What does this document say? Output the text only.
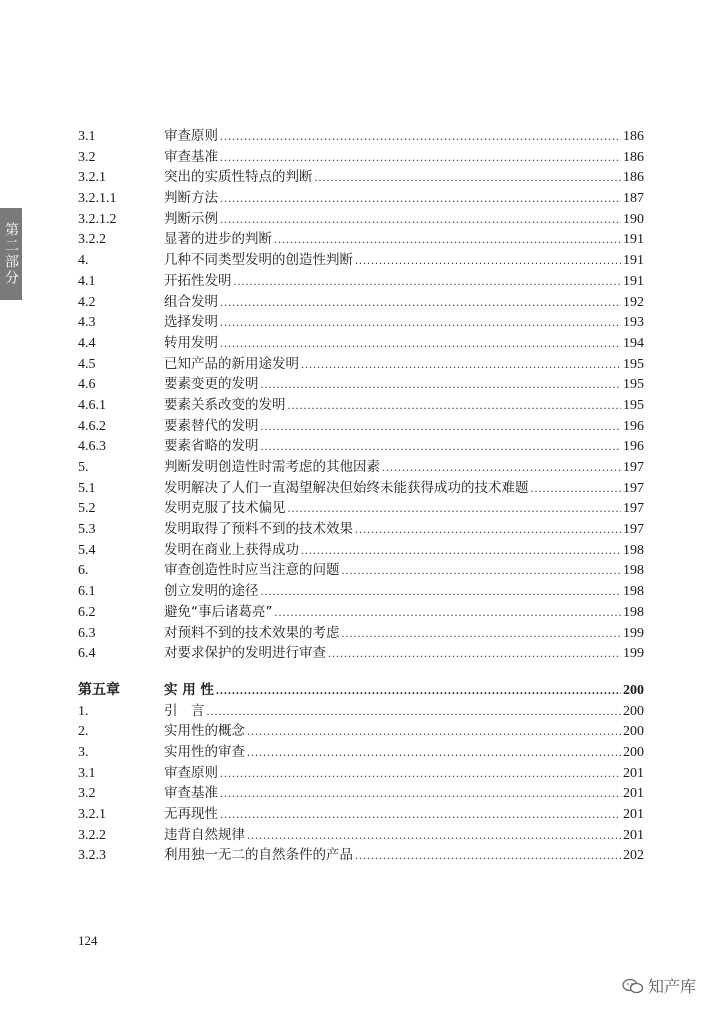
第二部分
3.1	审查原则 .....	186
3.2	审查基准 .....	186
3.2.1	突出的实质性特点的判断 .....	186
3.2.1.1	判断方法 .....	187
3.2.1.2	判断示例 .....	190
3.2.2	显著的进步的判断 .....	191
4.	几种不同类型发明的创造性判断 .....	191
4.1	开拓性发明 .....	191
4.2	组合发明 .....	192
4.3	选择发明 .....	193
4.4	转用发明 .....	194
4.5	已知产品的新用途发明 .....	195
4.6	要素变更的发明 .....	195
4.6.1	要素关系改变的发明 .....	195
4.6.2	要素替代的发明 .....	196
4.6.3	要素省略的发明 .....	196
5.	判断发明创造性时需考虑的其他因素 .....	197
5.1	发明解决了人们一直渴望解决但始终未能获得成功的技术难题 .....	197
5.2	发明克服了技术偏见 .....	197
5.3	发明取得了预料不到的技术效果 .....	197
5.4	发明在商业上获得成功 .....	198
6.	审查创造性时应当注意的问题 .....	198
6.1	创立发明的途径 .....	198
6.2	避免“事后诸葛亮” .....	198
6.3	对预料不到的技术效果的考虑 .....	199
6.4	对要求保护的发明进行审查 .....	199
第五章	实 用 性 .....	200
1.	引　言 .....	200
2.	实用性的概念 .....	200
3.	实用性的审查 .....	200
3.1	审查原则 .....	201
3.2	审查基准 .....	201
3.2.1	无再现性 .....	201
3.2.2	违背自然规律 .....	201
3.2.3	利用独一无二的自然条件的产品 .....	202
124
知产库
